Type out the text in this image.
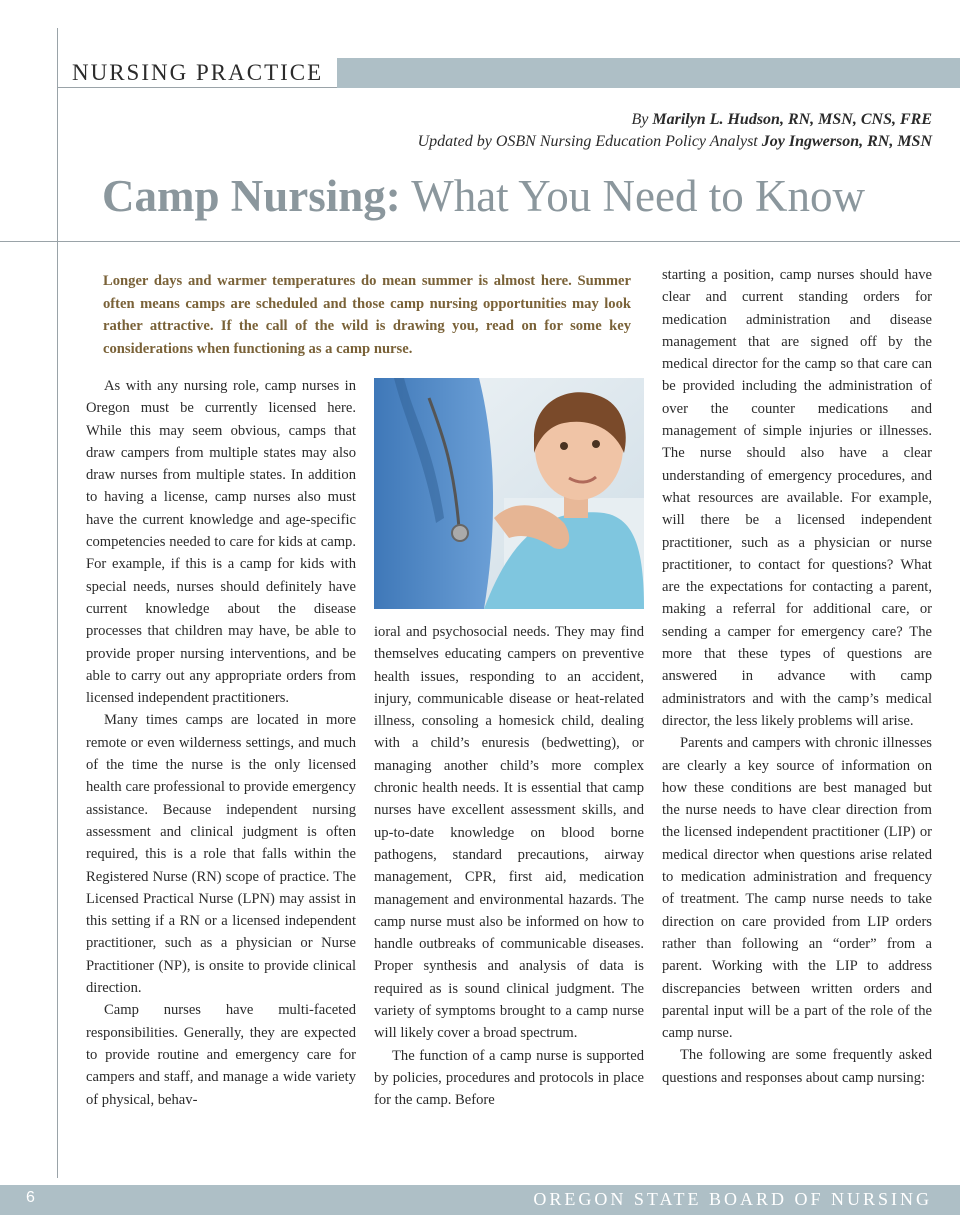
NURSING PRACTICE
By Marilyn L. Hudson, RN, MSN, CNS, FRE
Updated by OSBN Nursing Education Policy Analyst Joy Ingwerson, RN, MSN
Camp Nursing: What You Need to Know
Longer days and warmer temperatures do mean summer is almost here. Summer often means camps are scheduled and those camp nursing opportunities may look rather attractive. If the call of the wild is drawing you, read on for some key considerations when functioning as a camp nurse.

As with any nursing role, camp nurses in Oregon must be currently licensed here. While this may seem obvious, camps that draw campers from multiple states may also draw nurses from multiple states. In addition to having a license, camp nurses also must have the current knowledge and age-specific competencies needed to care for kids at camp. For example, if this is a camp for kids with special needs, nurses should definitely have current knowledge about the disease processes that children may have, be able to provide proper nursing interventions, and be able to carry out any appropriate orders from licensed independent practitioners.

Many times camps are located in more remote or even wilderness settings, and much of the time the nurse is the only licensed health care professional to provide emergency assistance. Because independent nursing assessment and clinical judgment is often required, this is a role that falls within the Registered Nurse (RN) scope of practice. The Licensed Practical Nurse (LPN) may assist in this setting if a RN or a licensed independent practitioner, such as a physician or Nurse Practitioner (NP), is onsite to provide clinical direction.

Camp nurses have multi-faceted responsibilities. Generally, they are expected to provide routine and emergency care for campers and staff, and manage a wide variety of physical, behav-

ioral and psychosocial needs. They may find themselves educating campers on preventive health issues, responding to an accident, injury, communicable disease or heat-related illness, consoling a homesick child, dealing with a child’s enuresis (bedwetting), or managing another child’s more complex chronic health needs. It is essential that camp nurses have excellent assessment skills, and up-to-date knowledge on blood borne pathogens, standard precautions, airway management, CPR, first aid, medication management and environmental hazards. The camp nurse must also be informed on how to handle outbreaks of communicable diseases. Proper synthesis and analysis of data is required as is sound clinical judgment. The variety of symptoms brought to a camp nurse will likely cover a broad spectrum.

The function of a camp nurse is supported by policies, procedures and protocols in place for the camp. Before

starting a position, camp nurses should have clear and current standing orders for medication administration and disease management that are signed off by the medical director for the camp so that care can be provided including the administration of over the counter medications and management of simple injuries or illnesses. The nurse should also have a clear understanding of emergency procedures, and what resources are available. For example, will there be a licensed independent practitioner, such as a physician or nurse practitioner, to contact for questions? What are the expectations for contacting a parent, making a referral for additional care, or sending a camper for emergency care? The more that these types of questions are answered in advance with camp administrators and with the camp’s medical director, the less likely problems will arise.

Parents and campers with chronic illnesses are clearly a key source of information on how these conditions are best managed but the nurse needs to have clear direction from the licensed independent practitioner (LIP) or medical director when questions arise related to medication administration and frequency of treatment. The camp nurse needs to take direction on care provided from LIP orders rather than following an “order” from a parent. Working with the LIP to address discrepancies between written orders and parental input will be a part of the role of the camp nurse.

The following are some frequently asked questions and responses about camp nursing:

6	OREGON STATE BOARD OF NURSING
